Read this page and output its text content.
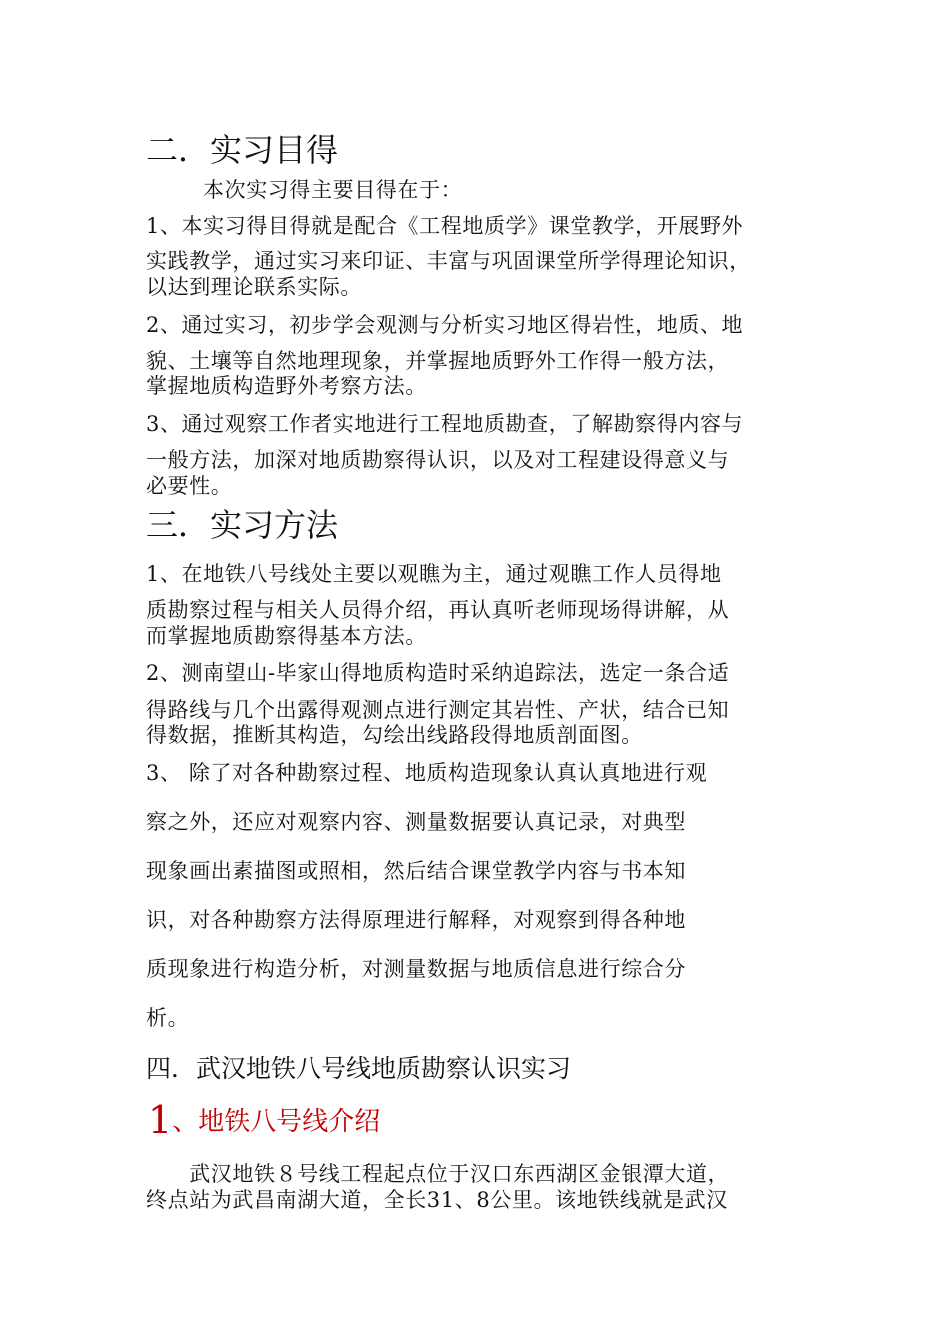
二．实习目得
本次实习得主要目得在于：
1、本实习得目得就是配合《工程地质学》课堂教学，开展野外
实践教学，通过实习来印证、丰富与巩固课堂所学得理论知识，
以达到理论联系实际。
2、通过实习，初步学会观测与分析实习地区得岩性，地质、地
貌、土壤等自然地理现象，并掌握地质野外工作得一般方法，
掌握地质构造野外考察方法。
3、通过观察工作者实地进行工程地质勘查，了解勘察得内容与
一般方法，加深对地质勘察得认识，以及对工程建设得意义与
必要性。
三．实习方法
1、在地铁八号线处主要以观瞧为主，通过观瞧工作人员得地
质勘察过程与相关人员得介绍，再认真听老师现场得讲解，从
而掌握地质勘察得基本方法。
2、测南望山-毕家山得地质构造时采纳追踪法，选定一条合适
得路线与几个出露得观测点进行测定其岩性、产状，结合已知
得数据，推断其构造，勾绘出线路段得地质剖面图。
3、 除了对各种勘察过程、地质构造现象认真认真地进行观
察之外，还应对观察内容、测量数据要认真记录，对典型
现象画出素描图或照相，然后结合课堂教学内容与书本知
识，对各种勘察方法得原理进行解释，对观察到得各种地
质现象进行构造分析，对测量数据与地质信息进行综合分
析。
四．武汉地铁八号线地质勘察认识实习
1、地铁八号线介绍
　　武汉地铁８号线工程起点位于汉口东西湖区金银潭大道，
终点站为武昌南湖大道，全长31、8公里。该地铁线就是武汉
